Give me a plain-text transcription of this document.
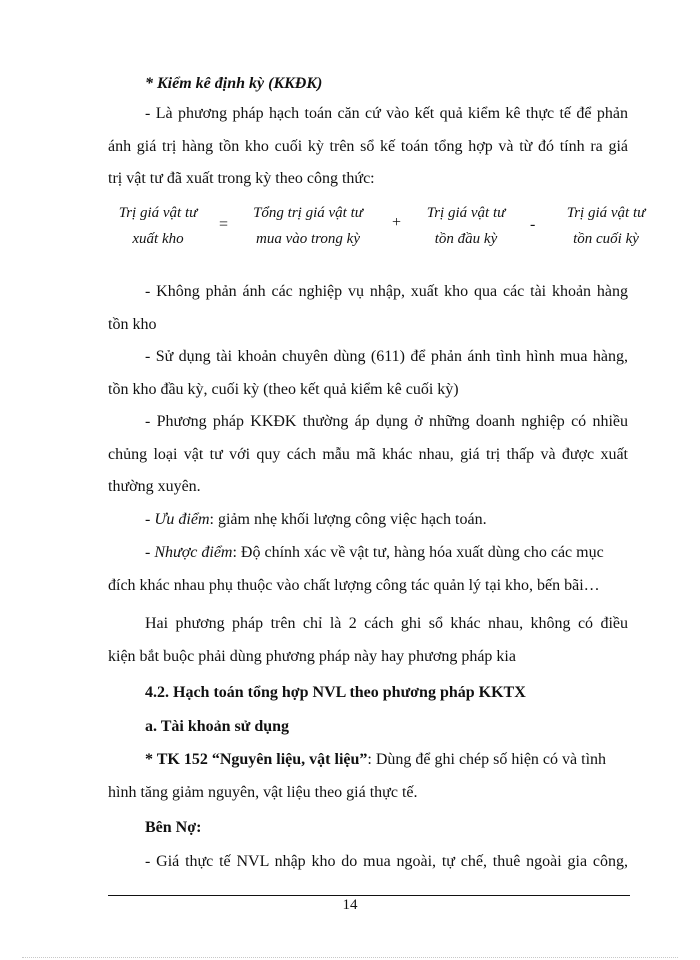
* Kiểm kê định kỳ (KKĐK)
- Là phương pháp hạch toán căn cứ vào kết quả kiểm kê thực tế để phản
ánh giá trị hàng tồn kho cuối kỳ trên sổ kế toán tổng hợp và từ đó tính ra giá
trị vật tư đã xuất trong kỳ theo công thức:
Trị giá vật tư
xuất kho
=
Tổng trị giá vật tư
mua vào trong kỳ
+
Trị giá vật tư
tồn đầu kỳ
-
Trị giá vật tư
tồn cuối kỳ
- Không phản ánh các nghiệp vụ nhập, xuất kho qua các tài khoản hàng
tồn kho
- Sử dụng tài khoản chuyên dùng (611) để phản ánh tình hình mua hàng,
tồn kho đầu kỳ, cuối kỳ (theo kết quả kiểm kê cuối kỳ)
- Phương pháp KKĐK thường áp dụng ở những doanh nghiệp có nhiều
chủng loại vật tư với quy cách mẫu mã khác nhau, giá trị thấp và được xuất
thường xuyên.
- Ưu điểm: giảm nhẹ khối lượng công việc hạch toán.
- Nhược điểm: Độ chính xác về vật tư, hàng hóa xuất dùng cho các mục
đích khác nhau phụ thuộc vào chất lượng công tác quản lý tại kho, bến bãi…
Hai phương pháp trên chỉ là 2 cách ghi sổ khác nhau, không có điều
kiện bắt buộc phải dùng phương pháp này hay phương pháp kia
4.2. Hạch toán tổng hợp NVL theo phương pháp KKTX
a. Tài khoản sử dụng
* TK 152 “Nguyên liệu, vật liệu”: Dùng để ghi chép số hiện có và tình
hình tăng giảm nguyên, vật liệu theo giá thực tế.
Bên Nợ:
- Giá thực tế NVL nhập kho do mua ngoài, tự chế, thuê ngoài gia công,
14
